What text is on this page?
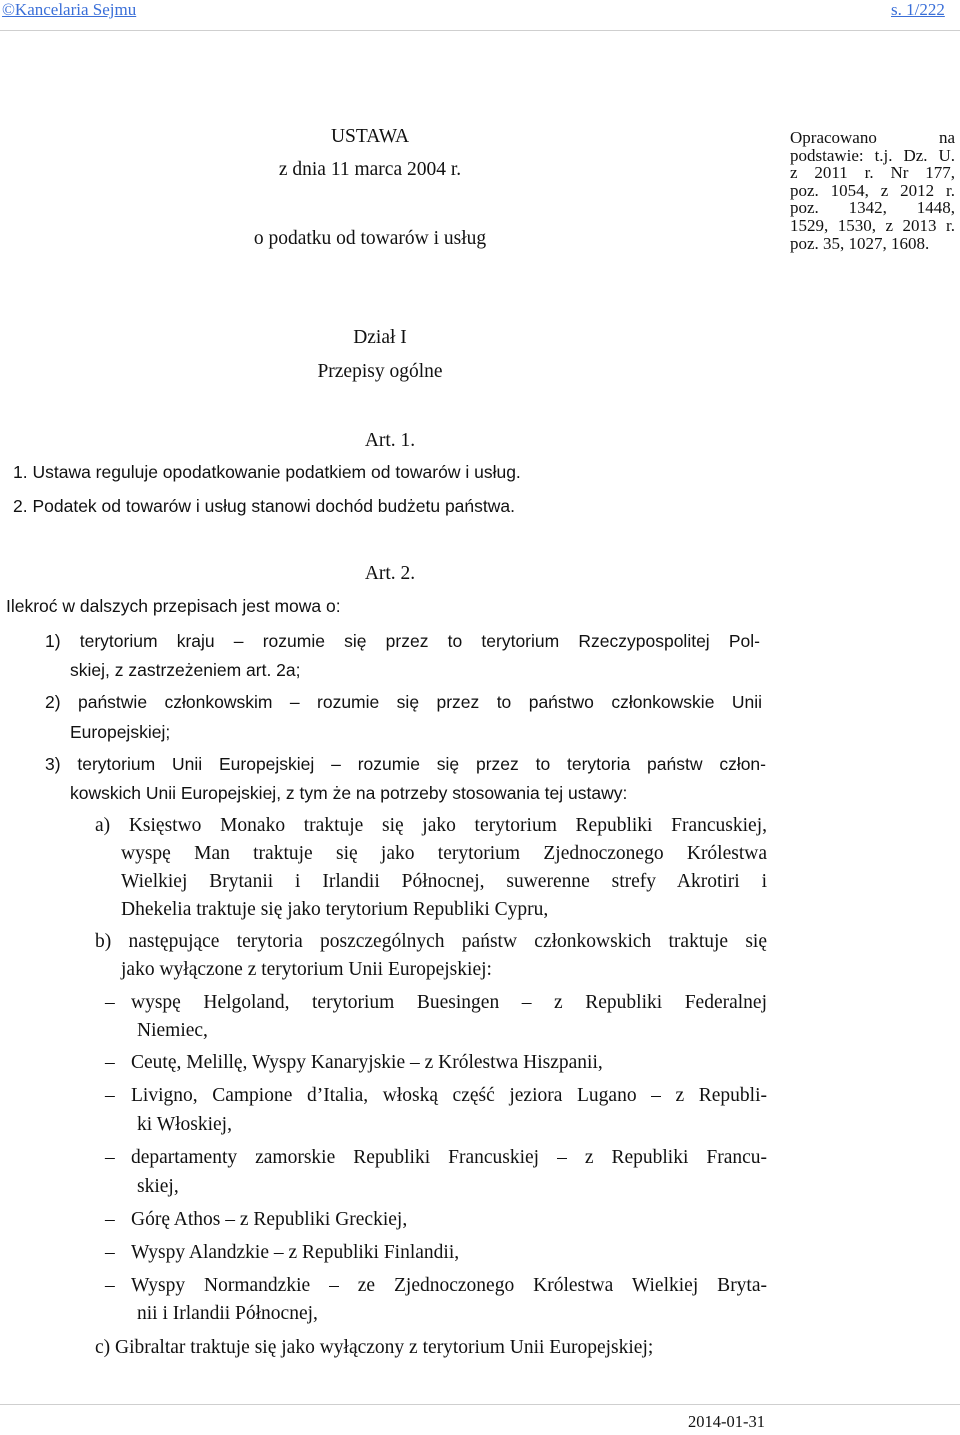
©Kancelaria Sejmu	s. 1/222
USTAWA
z dnia 11 marca 2004 r.
o podatku od towarów i usług
Opracowano na
podstawie: t.j. Dz. U.
z 2011 r. Nr 177,
poz. 1054, z 2012 r.
poz. 1342, 1448,
1529, 1530, z 2013 r.
poz. 35, 1027, 1608.
Dział I
Przepisy ogólne
Art. 1.
1. Ustawa reguluje opodatkowanie podatkiem od towarów i usług.
2. Podatek od towarów i usług stanowi dochód budżetu państwa.
Art. 2.
Ilekroć w dalszych przepisach jest mowa o:
1) terytorium kraju – rozumie się przez to terytorium Rzeczypospolitej Pol-
skiej, z zastrzeżeniem art. 2a;
2) państwie członkowskim – rozumie się przez to państwo członkowskie Unii
Europejskiej;
3) terytorium Unii Europejskiej – rozumie się przez to terytoria państw człon-
kowskich Unii Europejskiej, z tym że na potrzeby stosowania tej ustawy:
a) Księstwo Monako traktuje się jako terytorium Republiki Francuskiej,
wyspę Man traktuje się jako terytorium Zjednoczonego Królestwa
Wielkiej Brytanii i Irlandii Północnej, suwerenne strefy Akrotiri i
Dhekelia traktuje się jako terytorium Republiki Cypru,
b) następujące terytoria poszczególnych państw członkowskich traktuje się
jako wyłączone z terytorium Unii Europejskiej:
– wyspę Helgoland, terytorium Buesingen – z Republiki Federalnej
Niemiec,
– Ceutę, Melillę, Wyspy Kanaryjskie – z Królestwa Hiszpanii,
– Livigno, Campione d’Italia, włoską część jeziora Lugano – z Republi-
ki Włoskiej,
– departamenty zamorskie Republiki Francuskiej – z Republiki Francu-
skiej,
– Górę Athos – z Republiki Greckiej,
– Wyspy Alandzkie – z Republiki Finlandii,
– Wyspy Normandzkie – ze Zjednoczonego Królestwa Wielkiej Bryta-
nii i Irlandii Północnej,
c) Gibraltar traktuje się jako wyłączony z terytorium Unii Europejskiej;
2014-01-31
